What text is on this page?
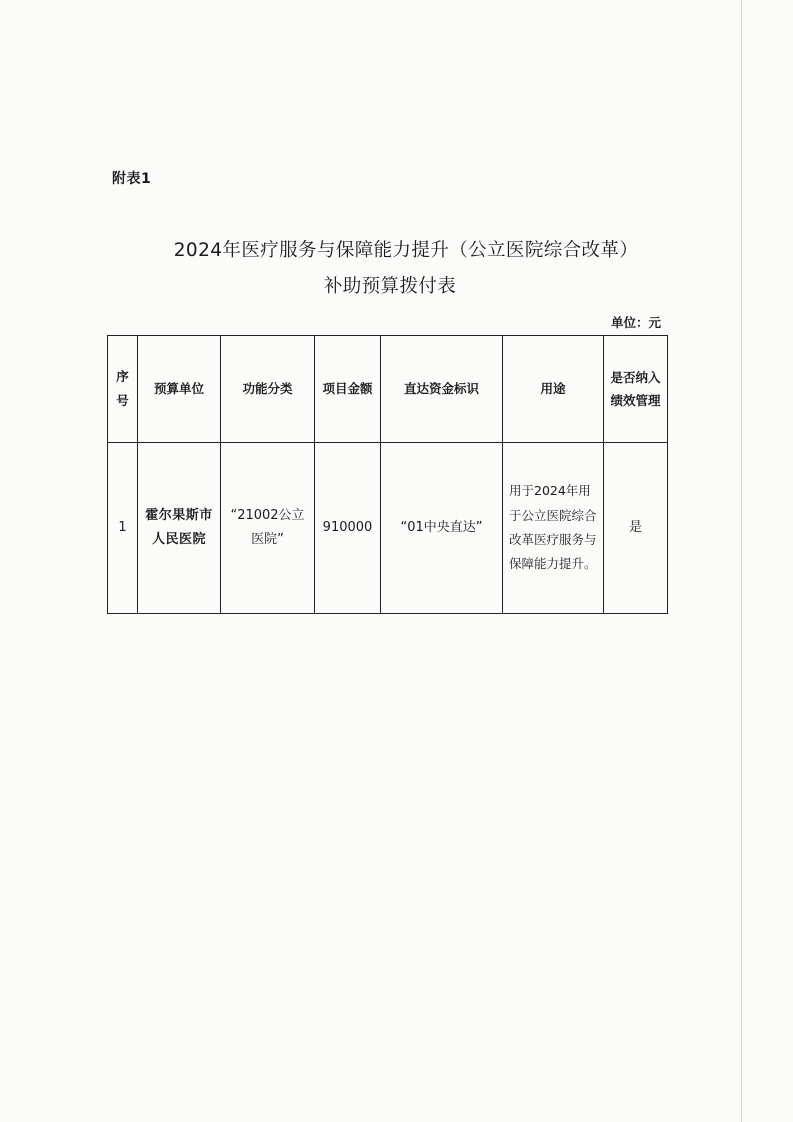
附表1
2024年医疗服务与保障能力提升（公立医院综合改革）
补助预算拨付表
单位：元
序号	预算单位	功能分类	项目金额	直达资金标识	用途	是否纳入绩效管理
1	霍尔果斯市人民医院	“21002公立医院”	910000	“01中央直达”	用于2024年用于公立医院综合改革医疗服务与保障能力提升。	是
